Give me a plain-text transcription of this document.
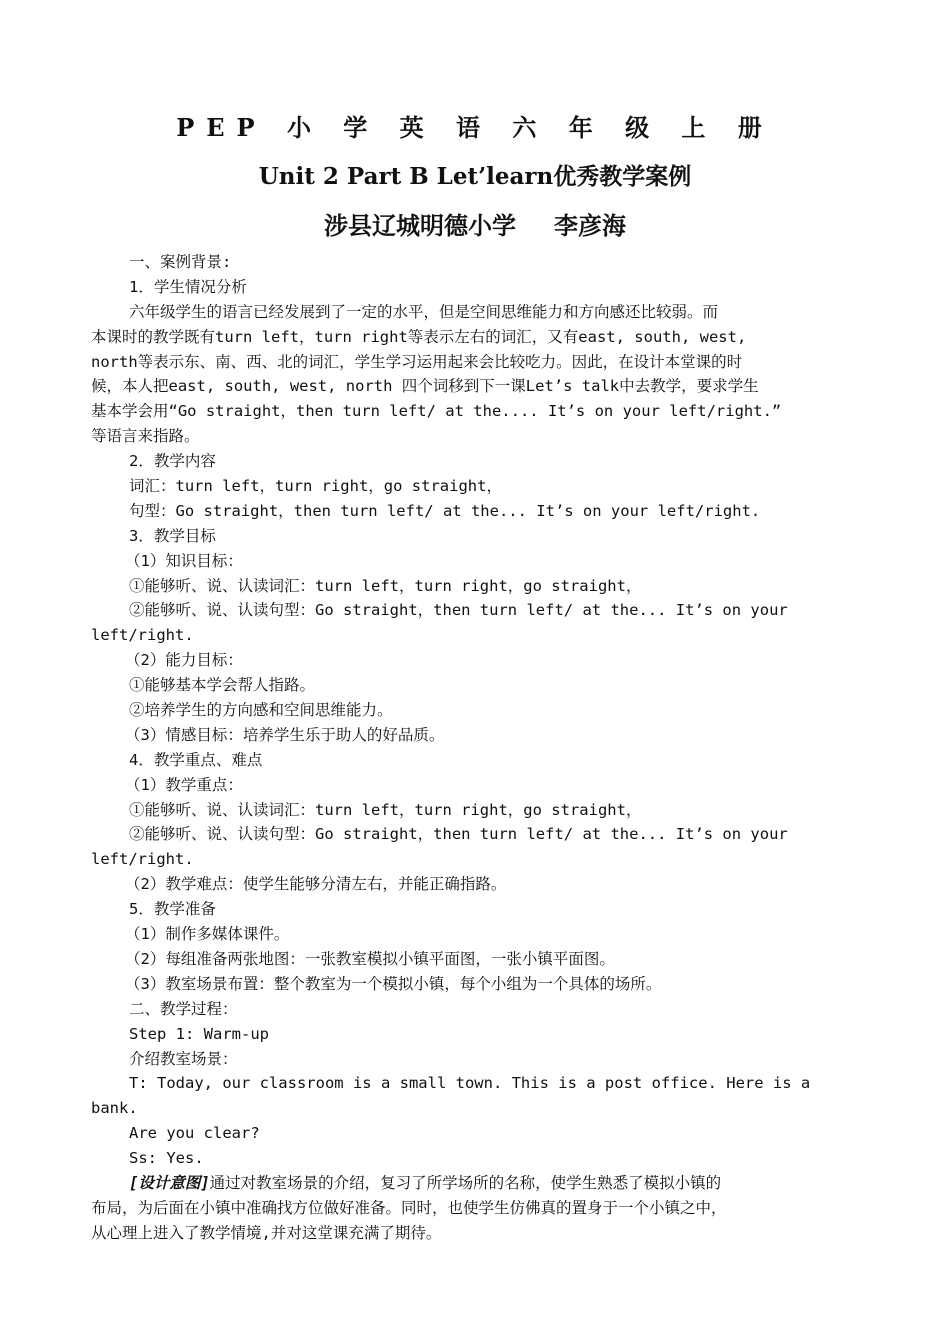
PEP 小 学 英 语 六 年 级 上 册
Unit 2 Part B Let’learn优秀教学案例
涉县辽城明德小学 李彦海
一、案例背景:
1．学生情况分析
六年级学生的语言已经发展到了一定的水平，但是空间思维能力和方向感还比较弱。而
本课时的教学既有turn left，turn right等表示左右的词汇，又有east, south, west,
north等表示东、南、西、北的词汇，学生学习运用起来会比较吃力。因此，在设计本堂课的时
候，本人把east, south, west, north 四个词移到下一课Let’s talk中去教学，要求学生
基本学会用“Go straight，then turn left/ at the.... It’s on your left/right.”
等语言来指路。
2．教学内容
词汇：turn left，turn right，go straight，
句型：Go straight，then turn left/ at the... It’s on your left/right.
3．教学目标
（1）知识目标：
①能够听、说、认读词汇：turn left，turn right，go straight，
②能够听、说、认读句型：Go straight，then turn left/ at the... It’s on your
left/right.
（2）能力目标：
①能够基本学会帮人指路。
②培养学生的方向感和空间思维能力。
（3）情感目标：培养学生乐于助人的好品质。
4．教学重点、难点
（1）教学重点：
①能够听、说、认读词汇：turn left，turn right，go straight，
②能够听、说、认读句型：Go straight，then turn left/ at the... It’s on your
left/right.
（2）教学难点：使学生能够分清左右，并能正确指路。
5．教学准备
（1）制作多媒体课件。
（2）每组准备两张地图：一张教室模拟小镇平面图，一张小镇平面图。
（3）教室场景布置：整个教室为一个模拟小镇，每个小组为一个具体的场所。
二、教学过程：
Step 1: Warm-up
介绍教室场景：
T: Today, our classroom is a small town. This is a post office. Here is a
bank.
Are you clear?
Ss: Yes.
[设计意图]通过对教室场景的介绍，复习了所学场所的名称，使学生熟悉了模拟小镇的
布局，为后面在小镇中准确找方位做好准备。同时，也使学生仿佛真的置身于一个小镇之中，
从心理上进入了教学情境,并对这堂课充满了期待。
